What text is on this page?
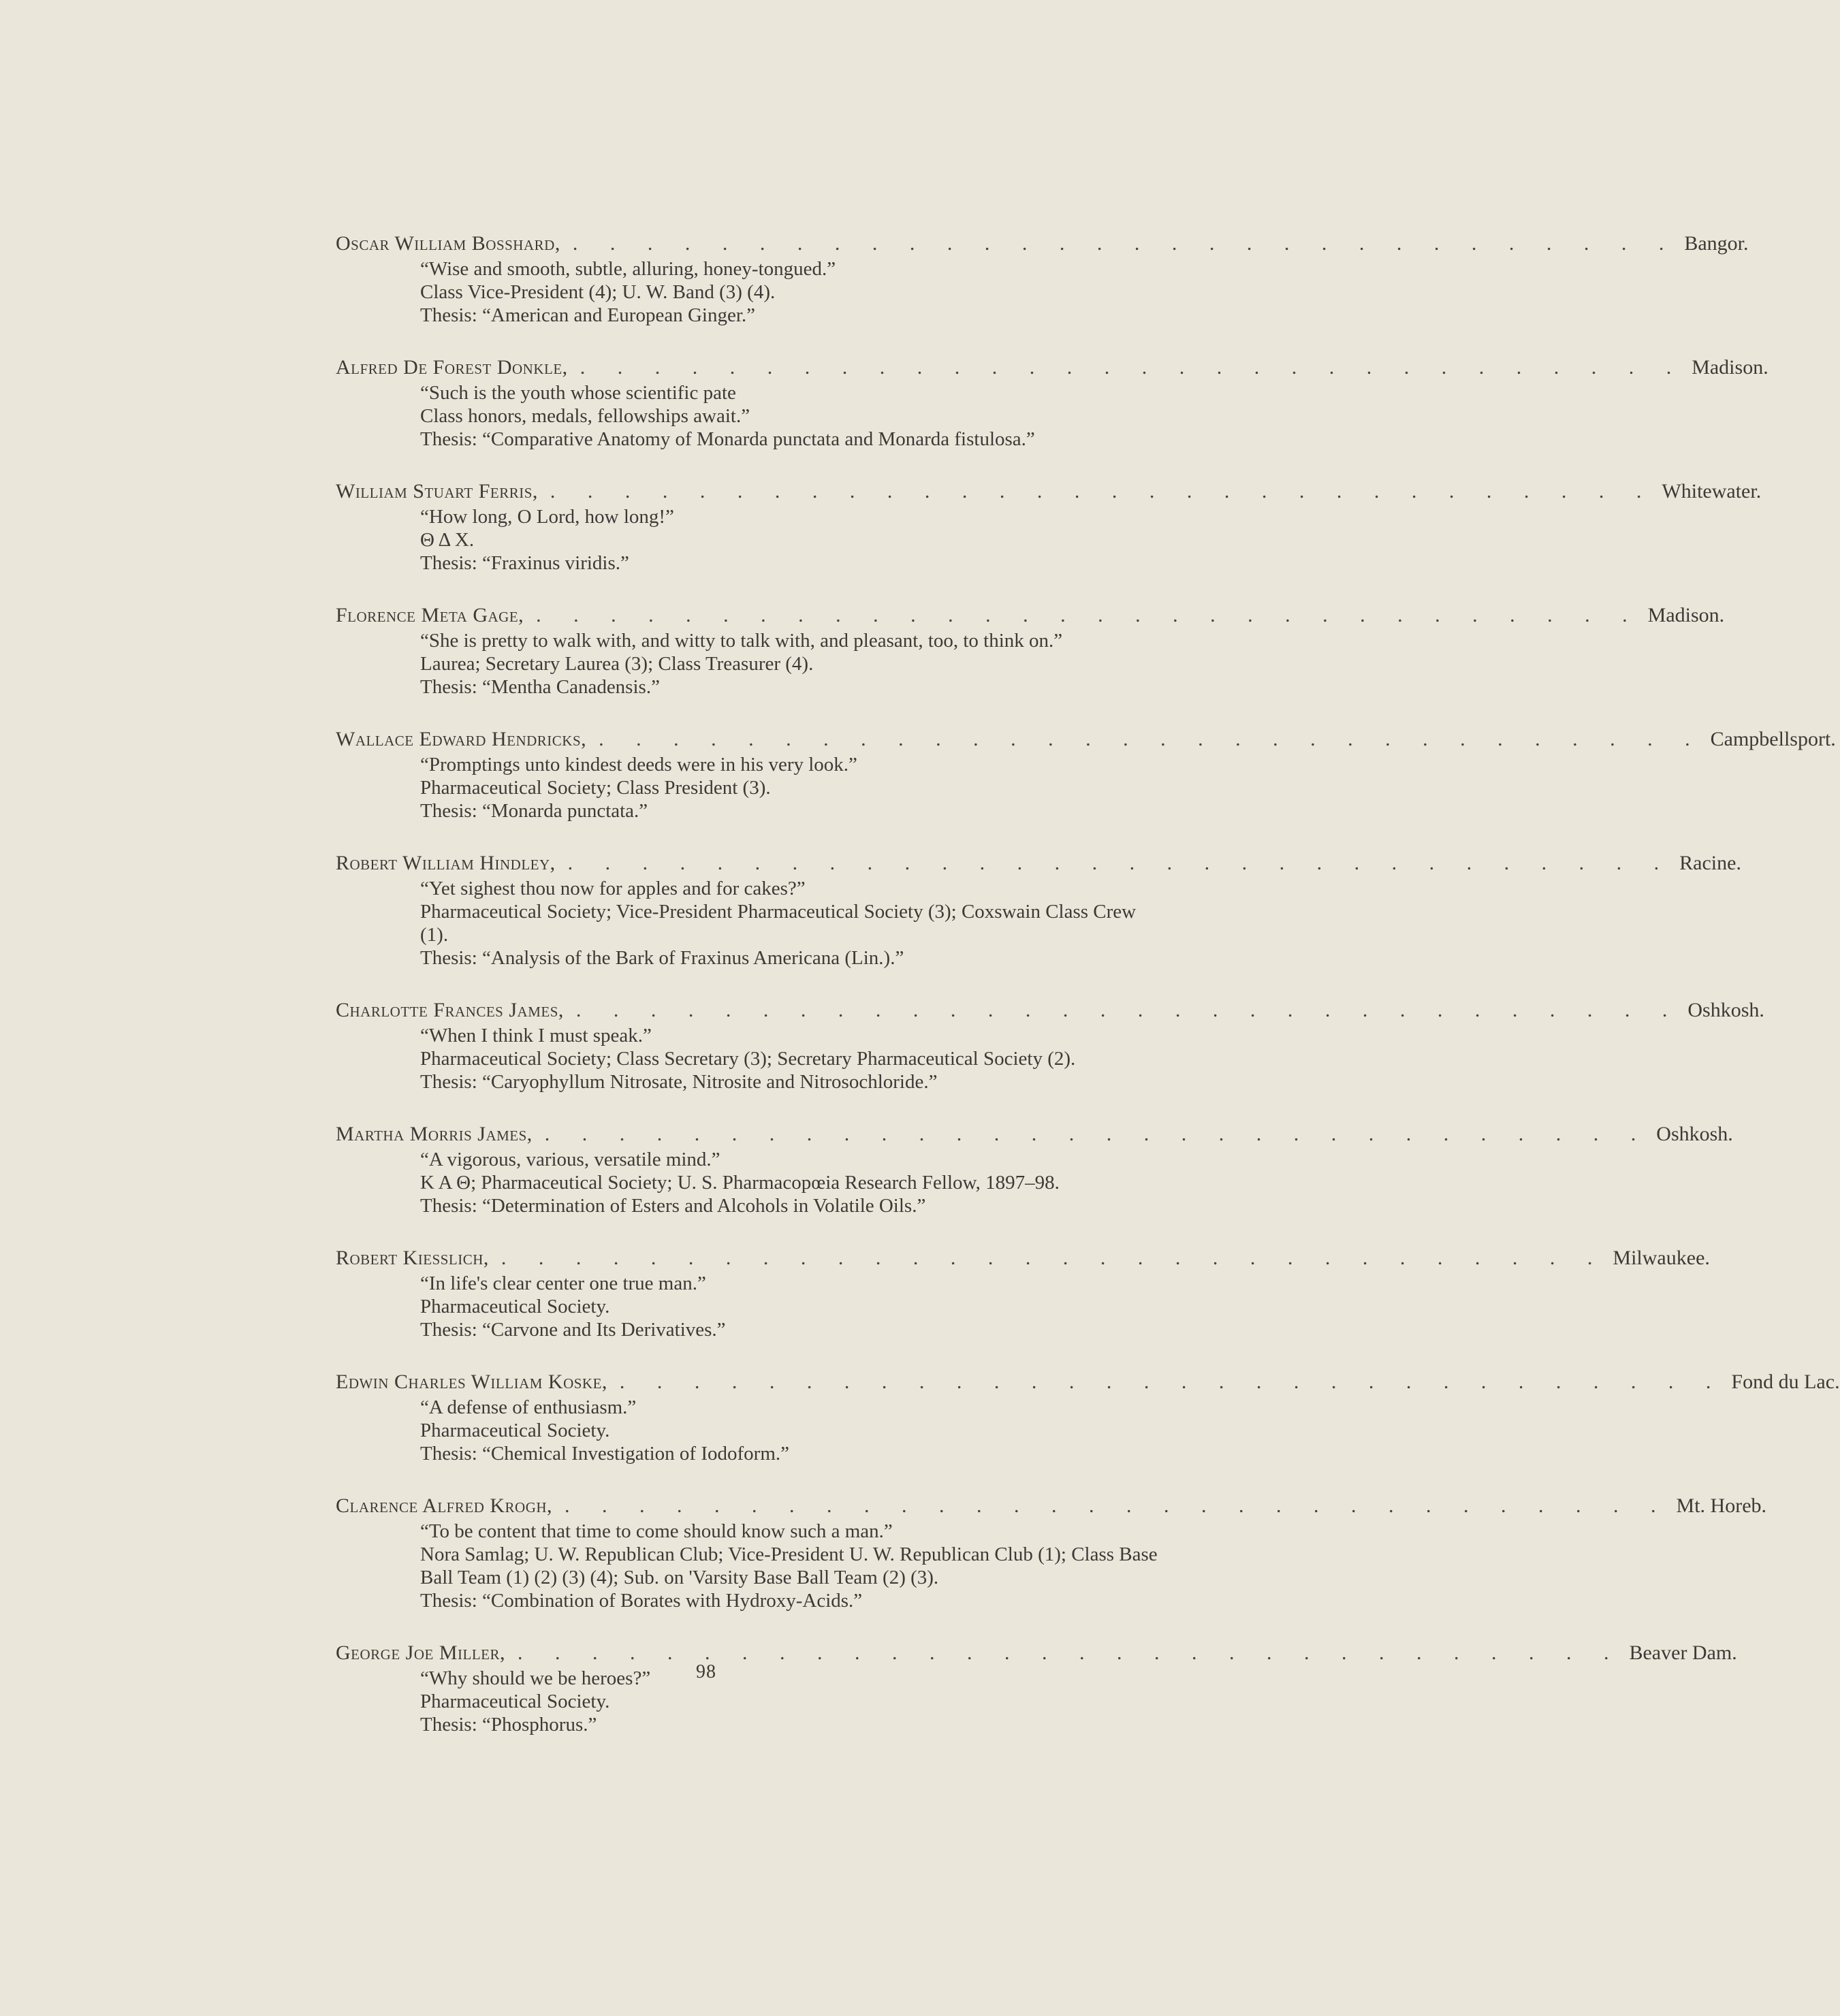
Oscar William Bosshard, . . . . . . . . . . . . . . . . . . . . . . . . . . . . . . Bangor.
“Wise and smooth, subtle, alluring, honey-tongued.”
Class Vice-President (4); U. W. Band (3) (4).
Thesis: “American and European Ginger.”
Alfred De Forest Donkle, . . . . . . . . . . . . . . . . . . . . . . . . . . . . . . Madison.
“Such is the youth whose scientific pate
Class honors, medals, fellowships await.”
Thesis: “Comparative Anatomy of Monarda punctata and Monarda fistulosa.”
William Stuart Ferris, . . . . . . . . . . . . . . . . . . . . . . . . . . . . . . Whitewater.
“How long, O Lord, how long!”
Θ Δ Χ.
Thesis: “Fraxinus viridis.”
Florence Meta Gage, . . . . . . . . . . . . . . . . . . . . . . . . . . . . . . Madison.
“She is pretty to walk with, and witty to talk with, and pleasant, too, to think on.”
Laurea; Secretary Laurea (3); Class Treasurer (4).
Thesis: “Mentha Canadensis.”
Wallace Edward Hendricks, . . . . . . . . . . . . . . . . . . . . . . . . . . . . . . Campbellsport.
“Promptings unto kindest deeds were in his very look.”
Pharmaceutical Society; Class President (3).
Thesis: “Monarda punctata.”
Robert William Hindley, . . . . . . . . . . . . . . . . . . . . . . . . . . . . . . Racine.
“Yet sighest thou now for apples and for cakes?”
Pharmaceutical Society; Vice-President Pharmaceutical Society (3); Coxswain Class Crew (1).
Thesis: “Analysis of the Bark of Fraxinus Americana (Lin.).”
Charlotte Frances James, . . . . . . . . . . . . . . . . . . . . . . . . . . . . . . Oshkosh.
“When I think I must speak.”
Pharmaceutical Society; Class Secretary (3); Secretary Pharmaceutical Society (2).
Thesis: “Caryophyllum Nitrosate, Nitrosite and Nitrosochloride.”
Martha Morris James, . . . . . . . . . . . . . . . . . . . . . . . . . . . . . . Oshkosh.
“A vigorous, various, versatile mind.”
Κ Α Θ; Pharmaceutical Society; U. S. Pharmacopœia Research Fellow, 1897–98.
Thesis: “Determination of Esters and Alcohols in Volatile Oils.”
Robert Kiesslich, . . . . . . . . . . . . . . . . . . . . . . . . . . . . . . Milwaukee.
“In life's clear center one true man.”
Pharmaceutical Society.
Thesis: “Carvone and Its Derivatives.”
Edwin Charles William Koske, . . . . . . . . . . . . . . . . . . . . . . . . . . . . . . Fond du Lac.
“A defense of enthusiasm.”
Pharmaceutical Society.
Thesis: “Chemical Investigation of Iodoform.”
Clarence Alfred Krogh, . . . . . . . . . . . . . . . . . . . . . . . . . . . . . . Mt. Horeb.
“To be content that time to come should know such a man.”
Nora Samlag; U. W. Republican Club; Vice-President U. W. Republican Club (1); Class Base Ball Team (1) (2) (3) (4); Sub. on 'Varsity Base Ball Team (2) (3).
Thesis: “Combination of Borates with Hydroxy-Acids.”
George Joe Miller, . . . . . . . . . . . . . . . . . . . . . . . . . . . . . . Beaver Dam.
“Why should we be heroes?”
Pharmaceutical Society.
Thesis: “Phosphorus.”
98
